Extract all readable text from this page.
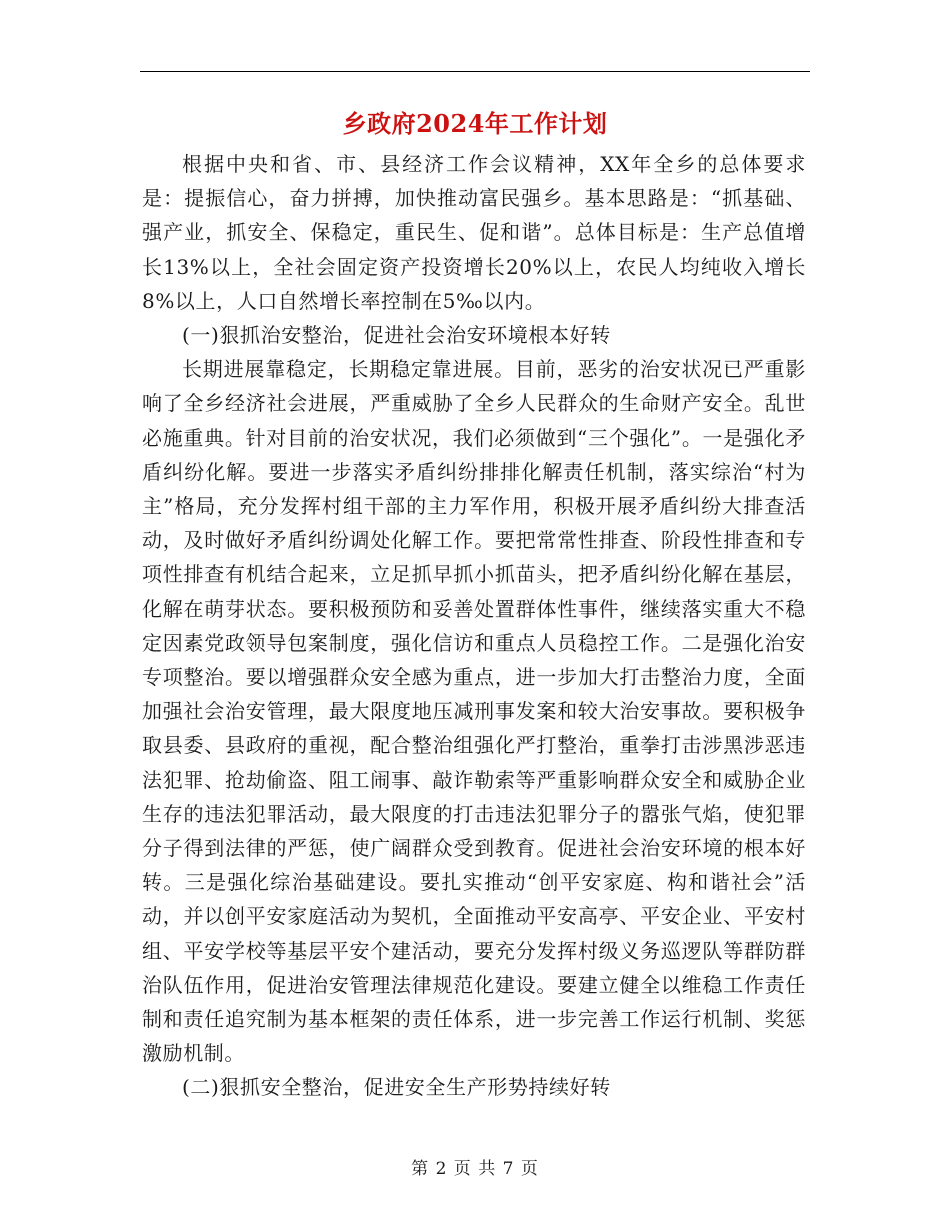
乡政府2024年工作计划

根据中央和省、市、县经济工作会议精神，XX年全乡的总体要求是：提振信心，奋力拼搏，加快推动富民强乡。基本思路是：“抓基础、强产业，抓安全、保稳定，重民生、促和谐”。总体目标是：生产总值增长13%以上，全社会固定资产投资增长20%以上，农民人均纯收入增长8%以上，人口自然增长率控制在5‰以内。

(一)狠抓治安整治，促进社会治安环境根本好转

长期进展靠稳定，长期稳定靠进展。目前，恶劣的治安状况已严重影响了全乡经济社会进展，严重威胁了全乡人民群众的生命财产安全。乱世必施重典。针对目前的治安状况，我们必须做到“三个强化”。一是强化矛盾纠纷化解。要进一步落实矛盾纠纷排排化解责任机制，落实综治“村为主”格局，充分发挥村组干部的主力军作用，积极开展矛盾纠纷大排查活动，及时做好矛盾纠纷调处化解工作。要把常常性排查、阶段性排查和专项性排查有机结合起来，立足抓早抓小抓苗头，把矛盾纠纷化解在基层，化解在萌芽状态。要积极预防和妥善处置群体性事件，继续落实重大不稳定因素党政领导包案制度，强化信访和重点人员稳控工作。二是强化治安专项整治。要以增强群众安全感为重点，进一步加大打击整治力度，全面加强社会治安管理，最大限度地压减刑事发案和较大治安事故。要积极争取县委、县政府的重视，配合整治组强化严打整治，重拳打击涉黑涉恶违法犯罪、抢劫偷盗、阻工闹事、敲诈勒索等严重影响群众安全和威胁企业生存的违法犯罪活动，最大限度的打击违法犯罪分子的嚣张气焰，使犯罪分子得到法律的严惩，使广阔群众受到教育。促进社会治安环境的根本好转。三是强化综治基础建设。要扎实推动“创平安家庭、构和谐社会”活动，并以创平安家庭活动为契机，全面推动平安高亭、平安企业、平安村组、平安学校等基层平安个建活动，要充分发挥村级义务巡逻队等群防群治队伍作用，促进治安管理法律规范化建设。要建立健全以维稳工作责任制和责任追究制为基本框架的责任体系，进一步完善工作运行机制、奖惩激励机制。

(二)狠抓安全整治，促进安全生产形势持续好转

第 2 页 共 7 页
